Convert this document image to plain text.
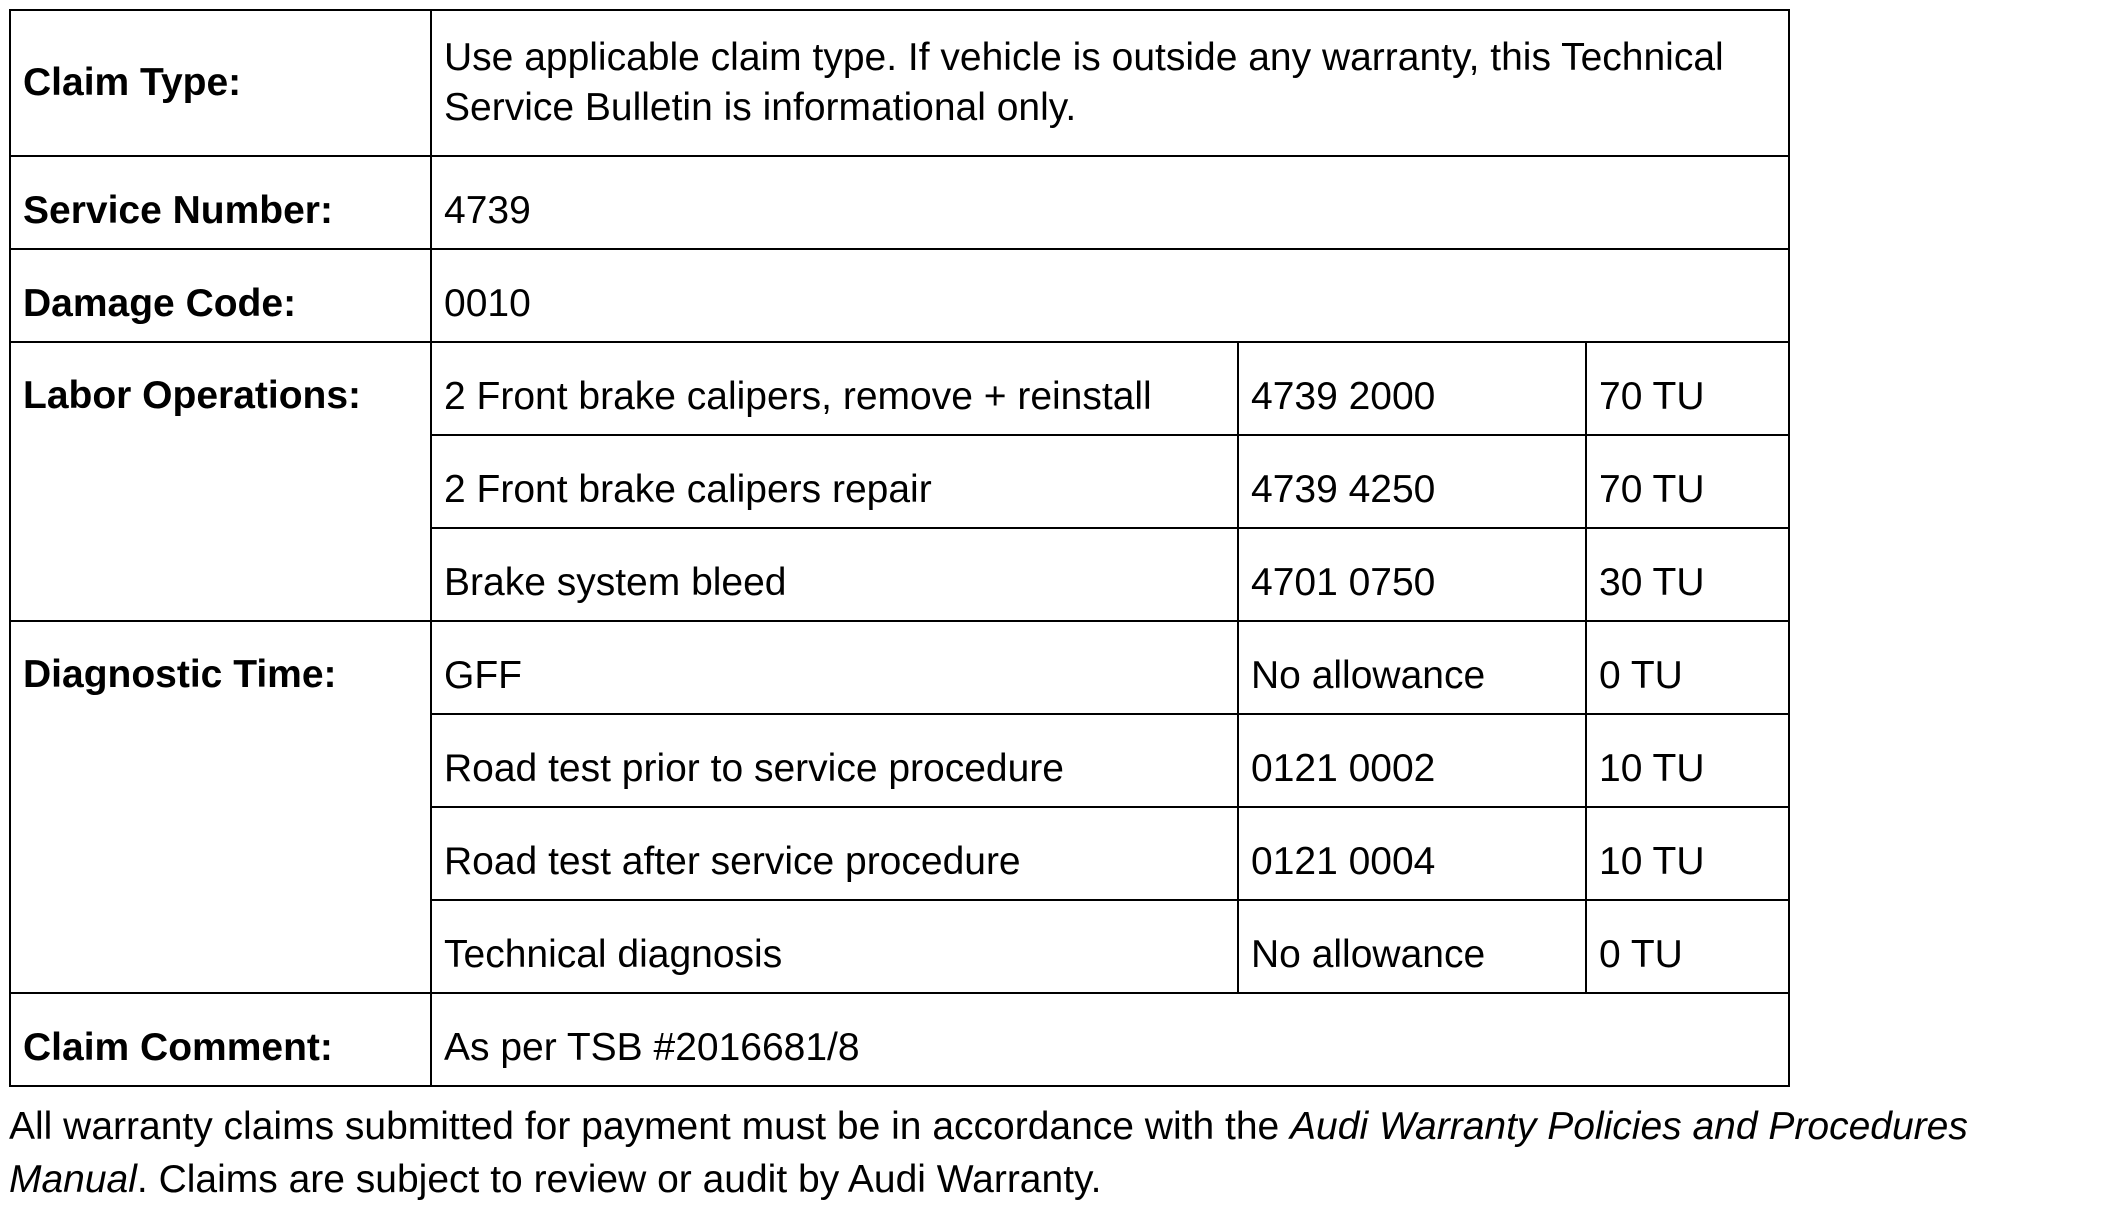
Claim Type:	Use applicable claim type. If vehicle is outside any warranty, this Technical Service Bulletin is informational only.		
Service Number:	4739		
Damage Code:	0010		
Labor Operations:	2 Front brake calipers, remove + reinstall	4739 2000	70 TU
	2 Front brake calipers repair	4739 4250	70 TU
	Brake system bleed	4701 0750	30 TU
Diagnostic Time:	GFF	No allowance	0 TU
	Road test prior to service procedure	0121 0002	10 TU
	Road test after service procedure	0121 0004	10 TU
	Technical diagnosis	No allowance	0 TU
Claim Comment:	As per TSB #2016681/8		

All warranty claims submitted for payment must be in accordance with the Audi Warranty Policies and Procedures Manual. Claims are subject to review or audit by Audi Warranty.
